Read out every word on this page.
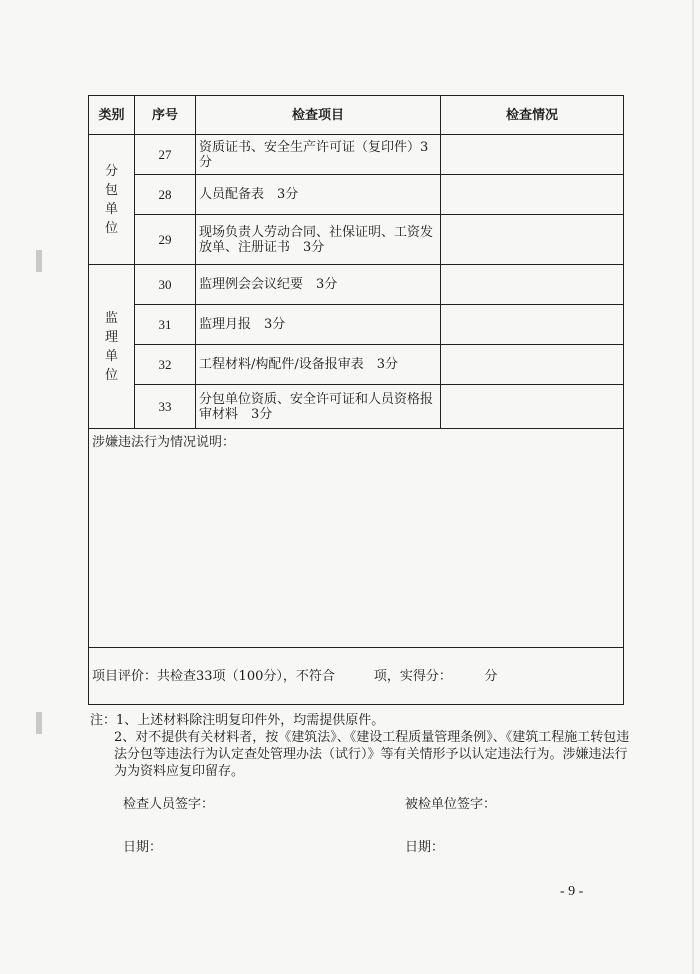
类别	序号	检查项目	检查情况
分包单位	27	资质证书、安全生产许可证（复印件）3分	
	28	人员配备表　3分	
	29	现场负责人劳动合同、社保证明、工资发放单、注册证书　3分	
监理单位	30	监理例会会议纪要　3分	
	31	监理月报　3分	
	32	工程材料/构配件/设备报审表　3分	
	33	分包单位资质、安全许可证和人员资格报审材料　3分	
涉嫌违法行为情况说明：			
项目评价：共检查33项（100分），不符合　　　项，实得分：　　　分			
注：1、上述材料除注明复印件外，均需提供原件。
2、对不提供有关材料者，按《建筑法》、《建设工程质量管理条例》、《建筑工程施工转包违法分包等违法行为认定查处管理办法（试行）》等有关情形予以认定违法行为。涉嫌违法行为为资料应复印留存。
检查人员签字：	被检单位签字：
日期：	日期：
- 9 -
